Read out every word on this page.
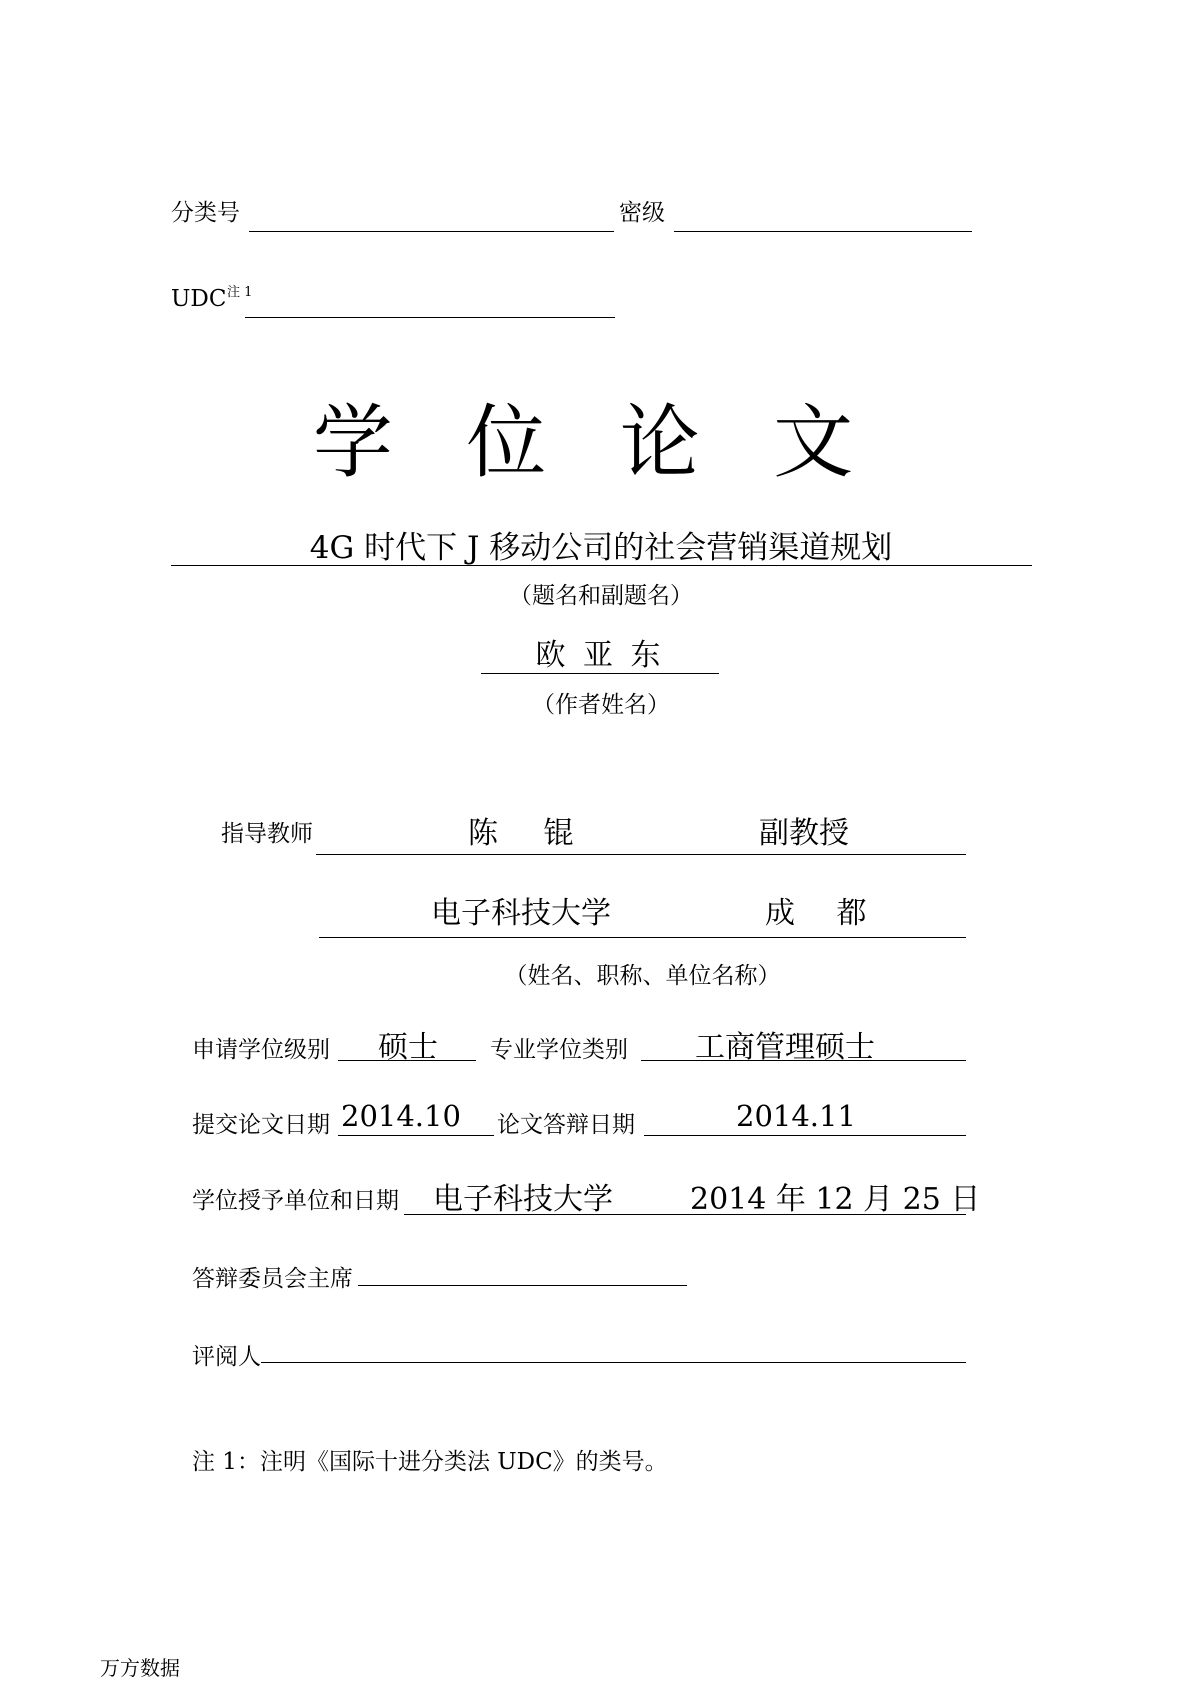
分类号	密级
UDC 注 1
学 位 论 文
4G 时代下 J 移动公司的社会营销渠道规划
（题名和副题名）
欧 亚 东
（作者姓名）
指导教师	陈 锟	副教授
电子科技大学	成 都
（姓名、职称、单位名称）
申请学位级别 硕士 专业学位类别 工商管理硕士
提交论文日期 2014.10 论文答辩日期	2014.11
学位授予单位和日期 电子科技大学	2014 年 12 月 25 日
答辩委员会主席
评阅人
注 1：注明《国际十进分类法 UDC》的类号。
万方数据
